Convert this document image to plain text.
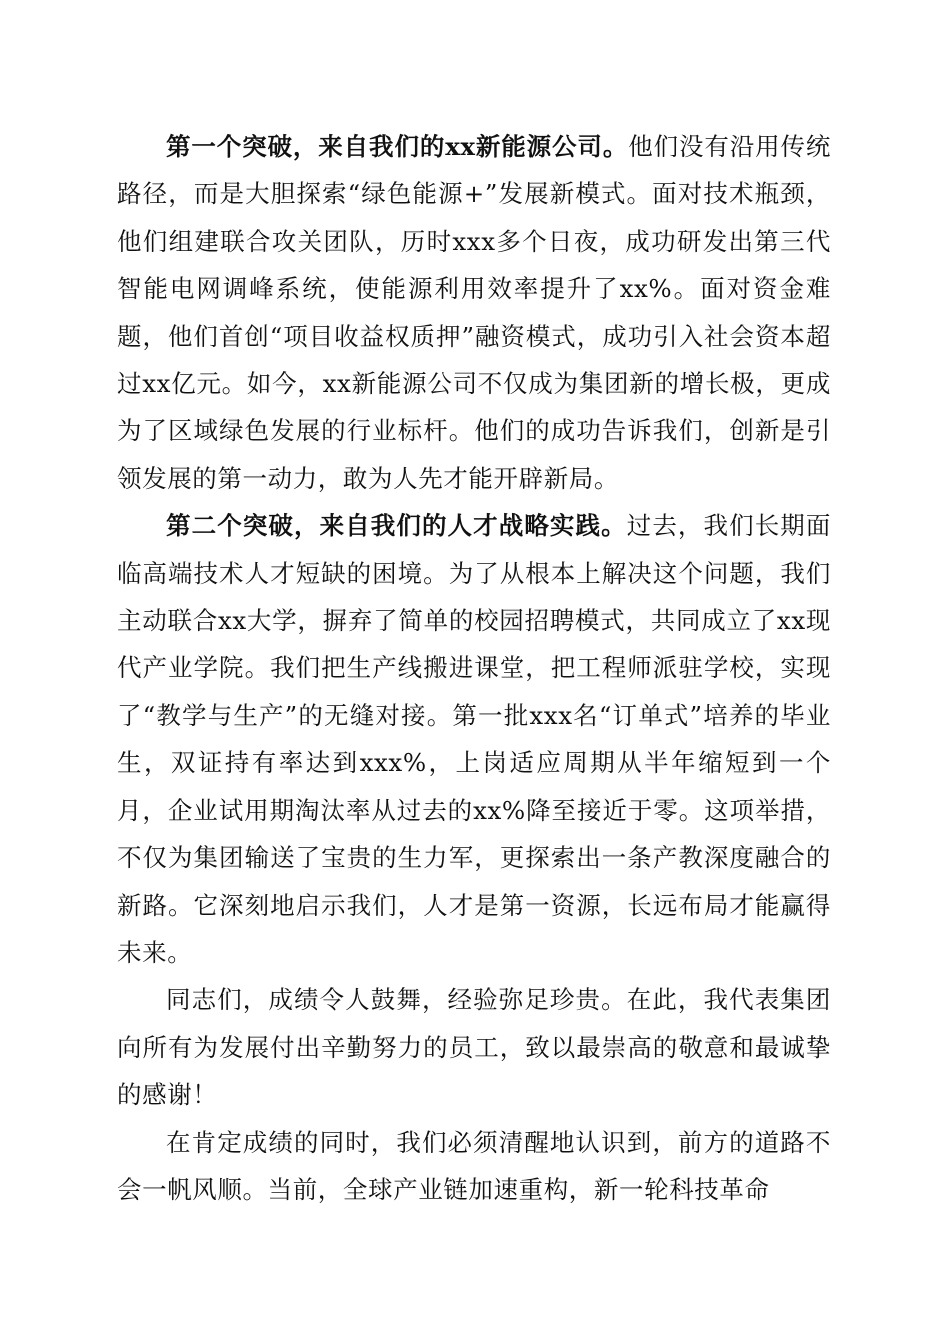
第一个突破，来自我们的xx新能源公司。他们没有沿用传统路径，而是大胆探索“绿色能源+”发展新模式。面对技术瓶颈，他们组建联合攻关团队，历时xxx多个日夜，成功研发出第三代智能电网调峰系统，使能源利用效率提升了xx%。面对资金难题，他们首创“项目收益权质押”融资模式，成功引入社会资本超过xx亿元。如今，xx新能源公司不仅成为集团新的增长极，更成为了区域绿色发展的行业标杆。他们的成功告诉我们，创新是引领发展的第一动力，敢为人先才能开辟新局。

第二个突破，来自我们的人才战略实践。过去，我们长期面临高端技术人才短缺的困境。为了从根本上解决这个问题，我们主动联合xx大学，摒弃了简单的校园招聘模式，共同成立了xx现代产业学院。我们把生产线搬进课堂，把工程师派驻学校，实现了“教学与生产”的无缝对接。第一批xxx名“订单式”培养的毕业生，双证持有率达到xxx%，上岗适应周期从半年缩短到一个月，企业试用期淘汰率从过去的xx%降至接近于零。这项举措，不仅为集团输送了宝贵的生力军，更探索出一条产教深度融合的新路。它深刻地启示我们，人才是第一资源，长远布局才能赢得未来。

同志们，成绩令人鼓舞，经验弥足珍贵。在此，我代表集团向所有为发展付出辛勤努力的员工，致以最崇高的敬意和最诚挚的感谢！

在肯定成绩的同时，我们必须清醒地认识到，前方的道路不会一帆风顺。当前，全球产业链加速重构，新一轮科技革命
